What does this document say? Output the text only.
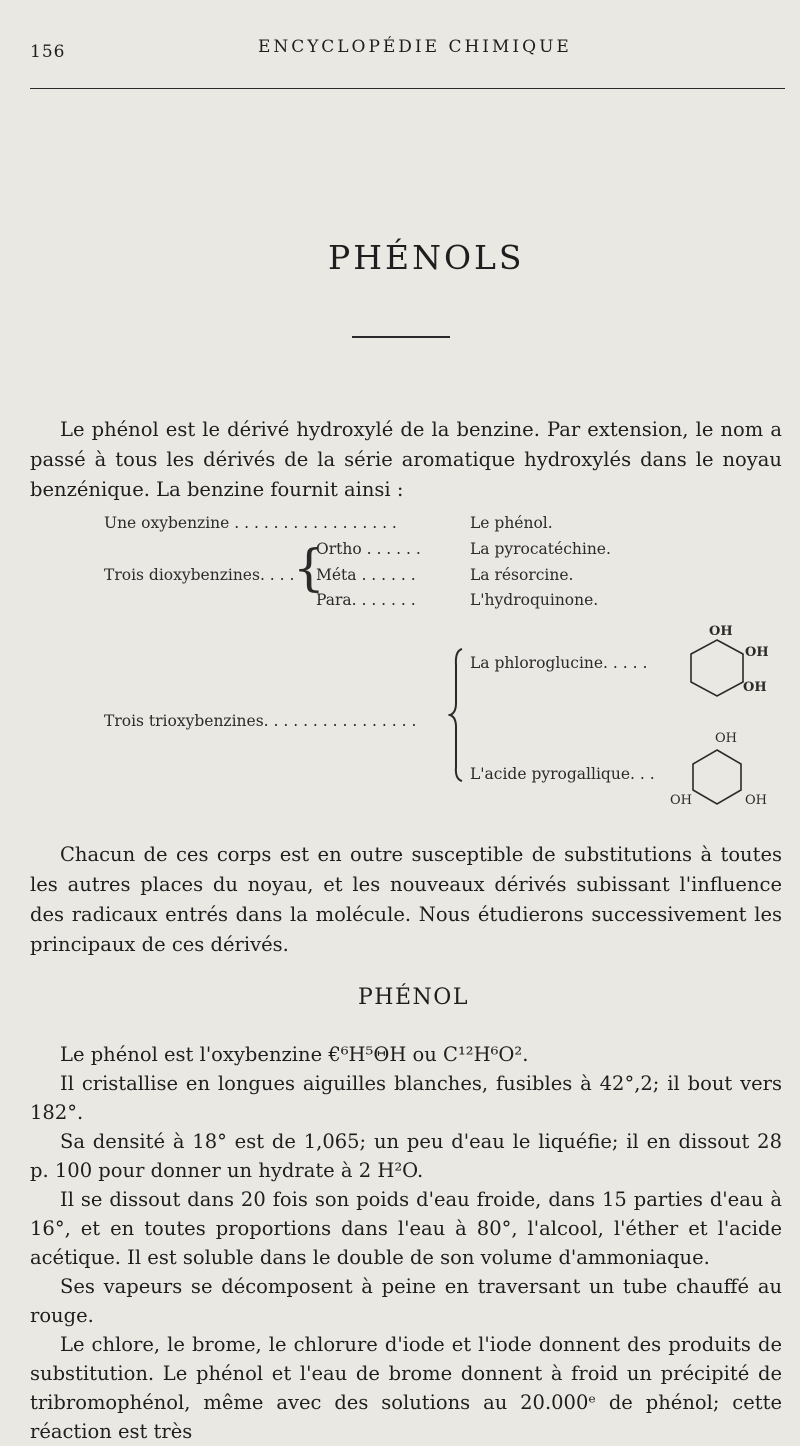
156	ENCYCLOPÉDIE CHIMIQUE
PHÉNOLS
Le phénol est le dérivé hydroxylé de la benzine. Par extension, le nom a passé à tous les dérivés de la série aromatique hydroxylés dans le noyau benzénique. La benzine fournit ainsi :
Une oxybenzine . . . . . . . . . . . . . . . . .	Le phénol.
Trois dioxybenzines. . . .
{
Ortho . . . . . .	La pyrocatéchine.
Méta . . . . . .	La résorcine.
Para. . . . . . .	L'hydroquinone.
Trois trioxybenzines. . . . . . . . . . . . . . . .
La phloroglucine. . . . .
L'acide pyrogallique. . .
OH
OH
OH
OH
OH	OH
Chacun de ces corps est en outre susceptible de substitutions à toutes les autres places du noyau, et les nouveaux dérivés subissant l'influence des radicaux entrés dans la molécule. Nous étudierons successivement les principaux de ces dérivés.
PHÉNOL

Le phénol est l'oxybenzine €⁶H⁵ΘH ou C¹²H⁶O².

Il cristallise en longues aiguilles blanches, fusibles à 42°,2; il bout vers 182°.

Sa densité à 18° est de 1,065; un peu d'eau le liquéfie; il en dissout 28 p. 100 pour donner un hydrate à 2 H²O.

Il se dissout dans 20 fois son poids d'eau froide, dans 15 parties d'eau à 16°, et en toutes proportions dans l'eau à 80°, l'alcool, l'éther et l'acide acétique. Il est soluble dans le double de son volume d'ammoniaque.

Ses vapeurs se décomposent à peine en traversant un tube chauffé au rouge.

Le chlore, le brome, le chlorure d'iode et l'iode donnent des produits de substitution. Le phénol et l'eau de brome donnent à froid un précipité de tribromophénol, même avec des solutions au 20.000ᵉ de phénol; cette réaction est très
